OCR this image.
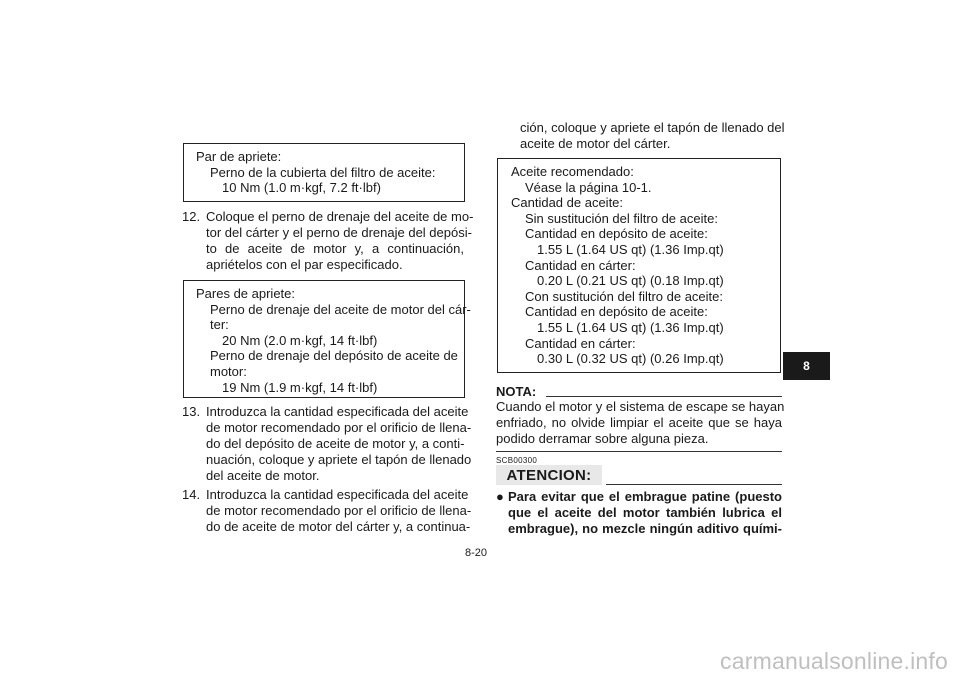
Par de apriete:
Perno de la cubierta del filtro de aceite:
10 Nm (1.0 m·kgf, 7.2 ft·lbf)
12. Coloque el perno de drenaje del aceite de mo-
tor del cárter y el perno de drenaje del depósi-
to de aceite de motor y, a continuación,
apriételos con el par especificado.
Pares de apriete:
Perno de drenaje del aceite de motor del cár-
ter:
20 Nm (2.0 m·kgf, 14 ft·lbf)
Perno de drenaje del depósito de aceite de
motor:
19 Nm (1.9 m·kgf, 14 ft·lbf)
13. Introduzca la cantidad especificada del aceite
de motor recomendado por el orificio de llena-
do del depósito de aceite de motor y, a conti-
nuación, coloque y apriete el tapón de llenado
del aceite de motor.
14. Introduzca la cantidad especificada del aceite
de motor recomendado por el orificio de llena-
do de aceite de motor del cárter y, a continua-
ción, coloque y apriete el tapón de llenado del
aceite de motor del cárter.
Aceite recomendado:
Véase la página 10-1.
Cantidad de aceite:
Sin sustitución del filtro de aceite:
Cantidad en depósito de aceite:
1.55 L (1.64 US qt) (1.36 Imp.qt)
Cantidad en cárter:
0.20 L (0.21 US qt) (0.18 Imp.qt)
Con sustitución del filtro de aceite:
Cantidad en depósito de aceite:
1.55 L (1.64 US qt) (1.36 Imp.qt)
Cantidad en cárter:
0.30 L (0.32 US qt) (0.26 Imp.qt)	8
NOTA:
Cuando el motor y el sistema de escape se hayan
enfriado, no olvide limpiar el aceite que se haya
podido derramar sobre alguna pieza.
SCB00300
ATENCION:
● Para evitar que el embrague patine (puesto
que el aceite del motor también lubrica el
embrague), no mezcle ningún aditivo quími-
8-20
carmanualsonline.info
